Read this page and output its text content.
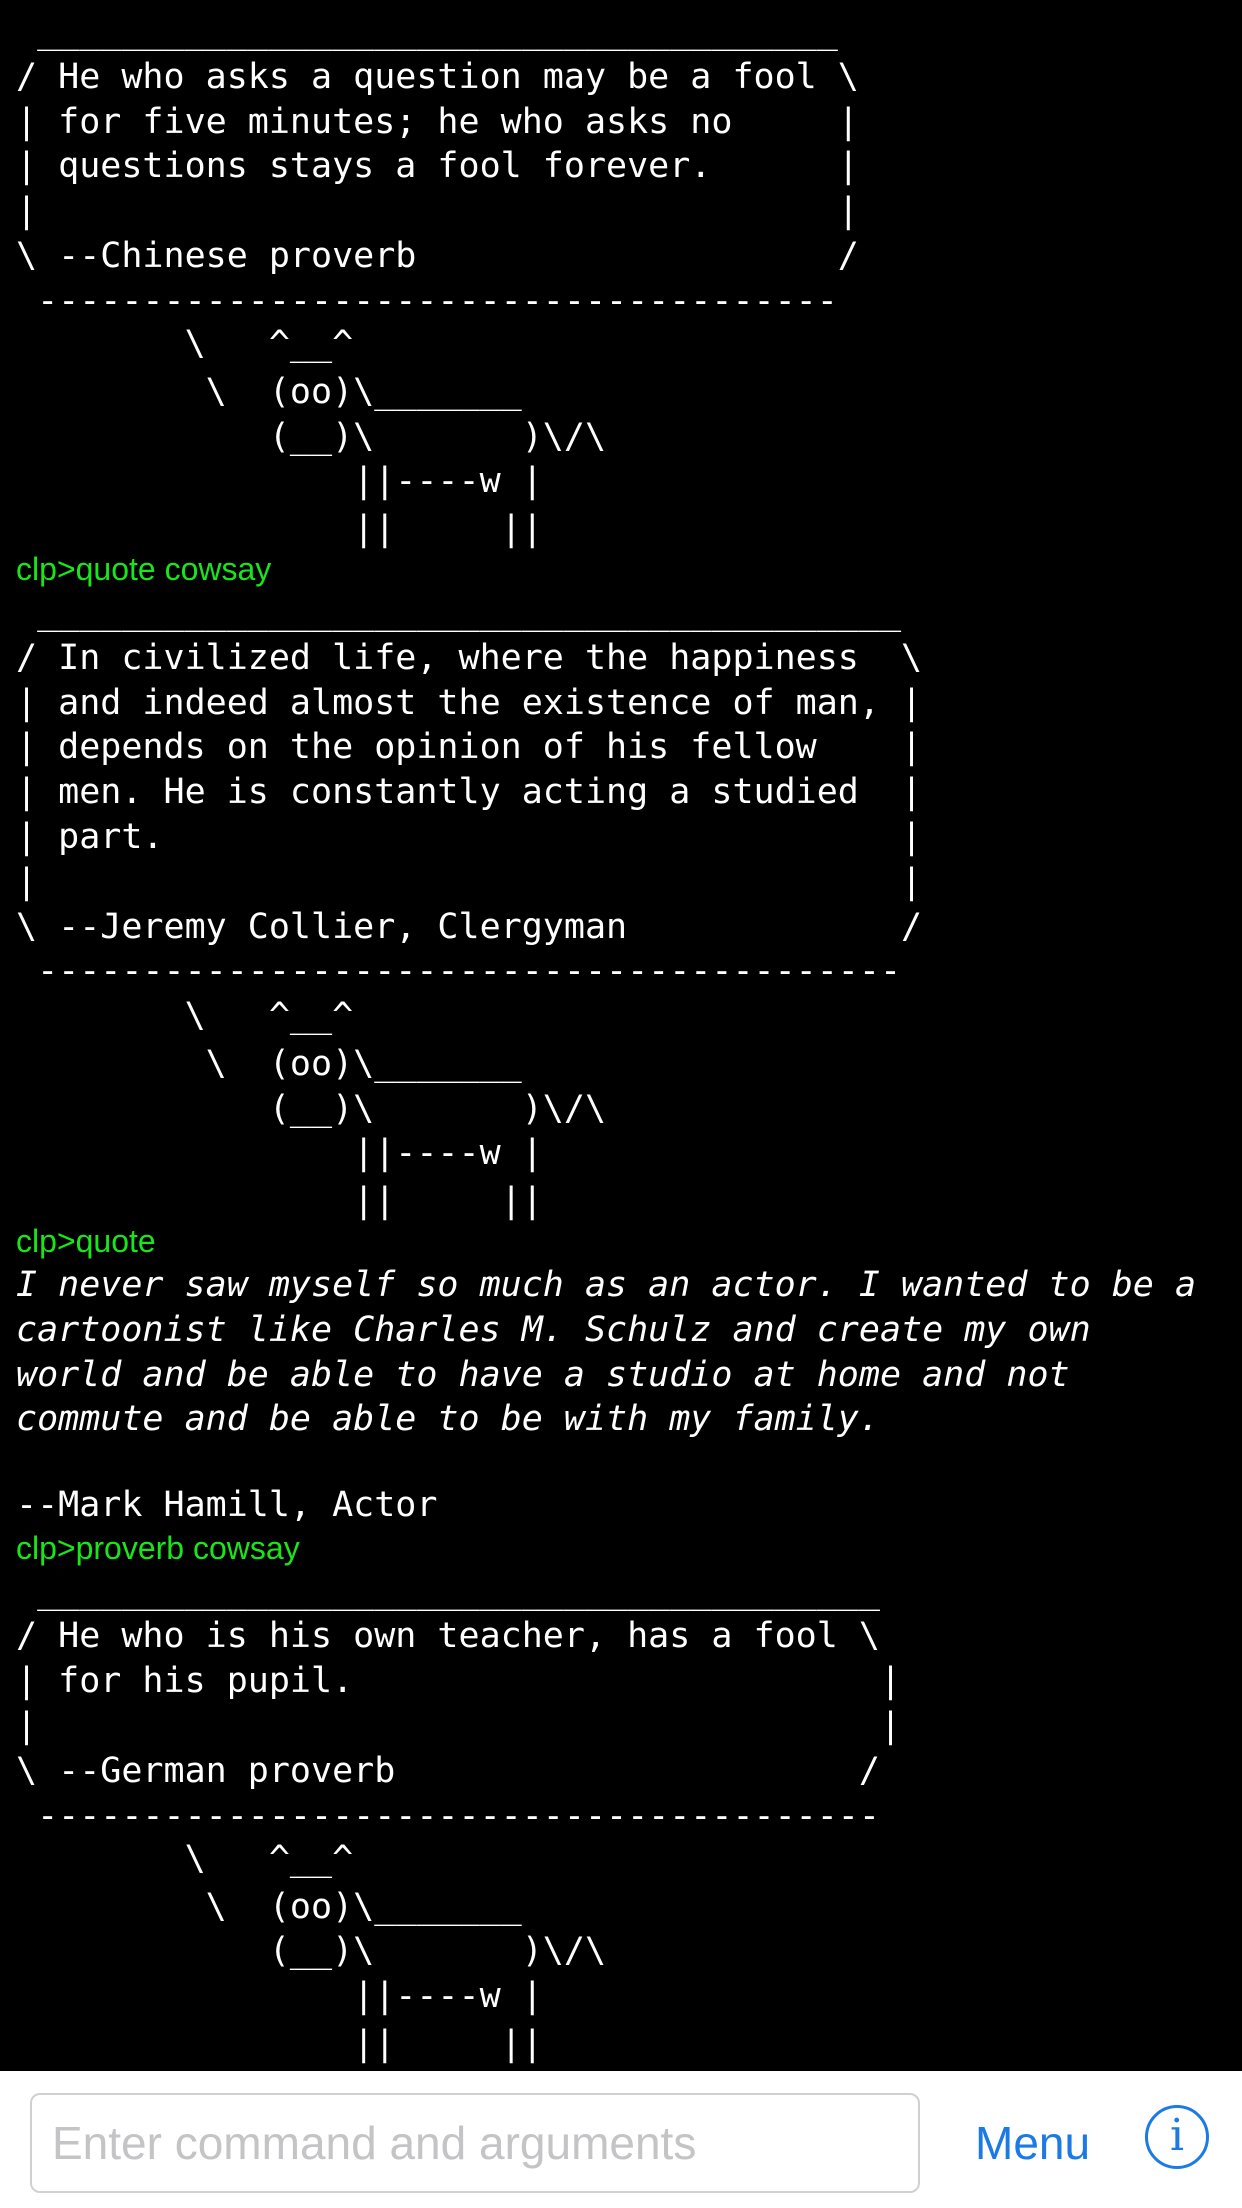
______________________________________
/ He who asks a question may be a fool \
| for five minutes; he who asks no     |
| questions stays a fool forever.      |
|                                      |
\ --Chinese proverb                    /
--------------------------------------
\   ^__^
\  (oo)\_______
(__)\       )\/\
||----w |
||     ||
clp>quote cowsay
_________________________________________
/ In civilized life, where the happiness  \
| and indeed almost the existence of man, |
| depends on the opinion of his fellow    |
| men. He is constantly acting a studied  |
| part.                                   |
|                                         |
\ --Jeremy Collier, Clergyman             /
-----------------------------------------
\   ^__^
\  (oo)\_______
(__)\       )\/\
||----w |
||     ||
clp>quote
I never saw myself so much as an actor. I wanted to be a
cartoonist like Charles M. Schulz and create my own
world and be able to have a studio at home and not
commute and be able to be with my family.
--Mark Hamill, Actor
clp>proverb cowsay
________________________________________
/ He who is his own teacher, has a fool \
| for his pupil.                         |
|                                        |
\ --German proverb                      /
----------------------------------------
\   ^__^
\  (oo)\_______
(__)\       )\/\
||----w |
||     ||
Enter command and arguments
Menu i
